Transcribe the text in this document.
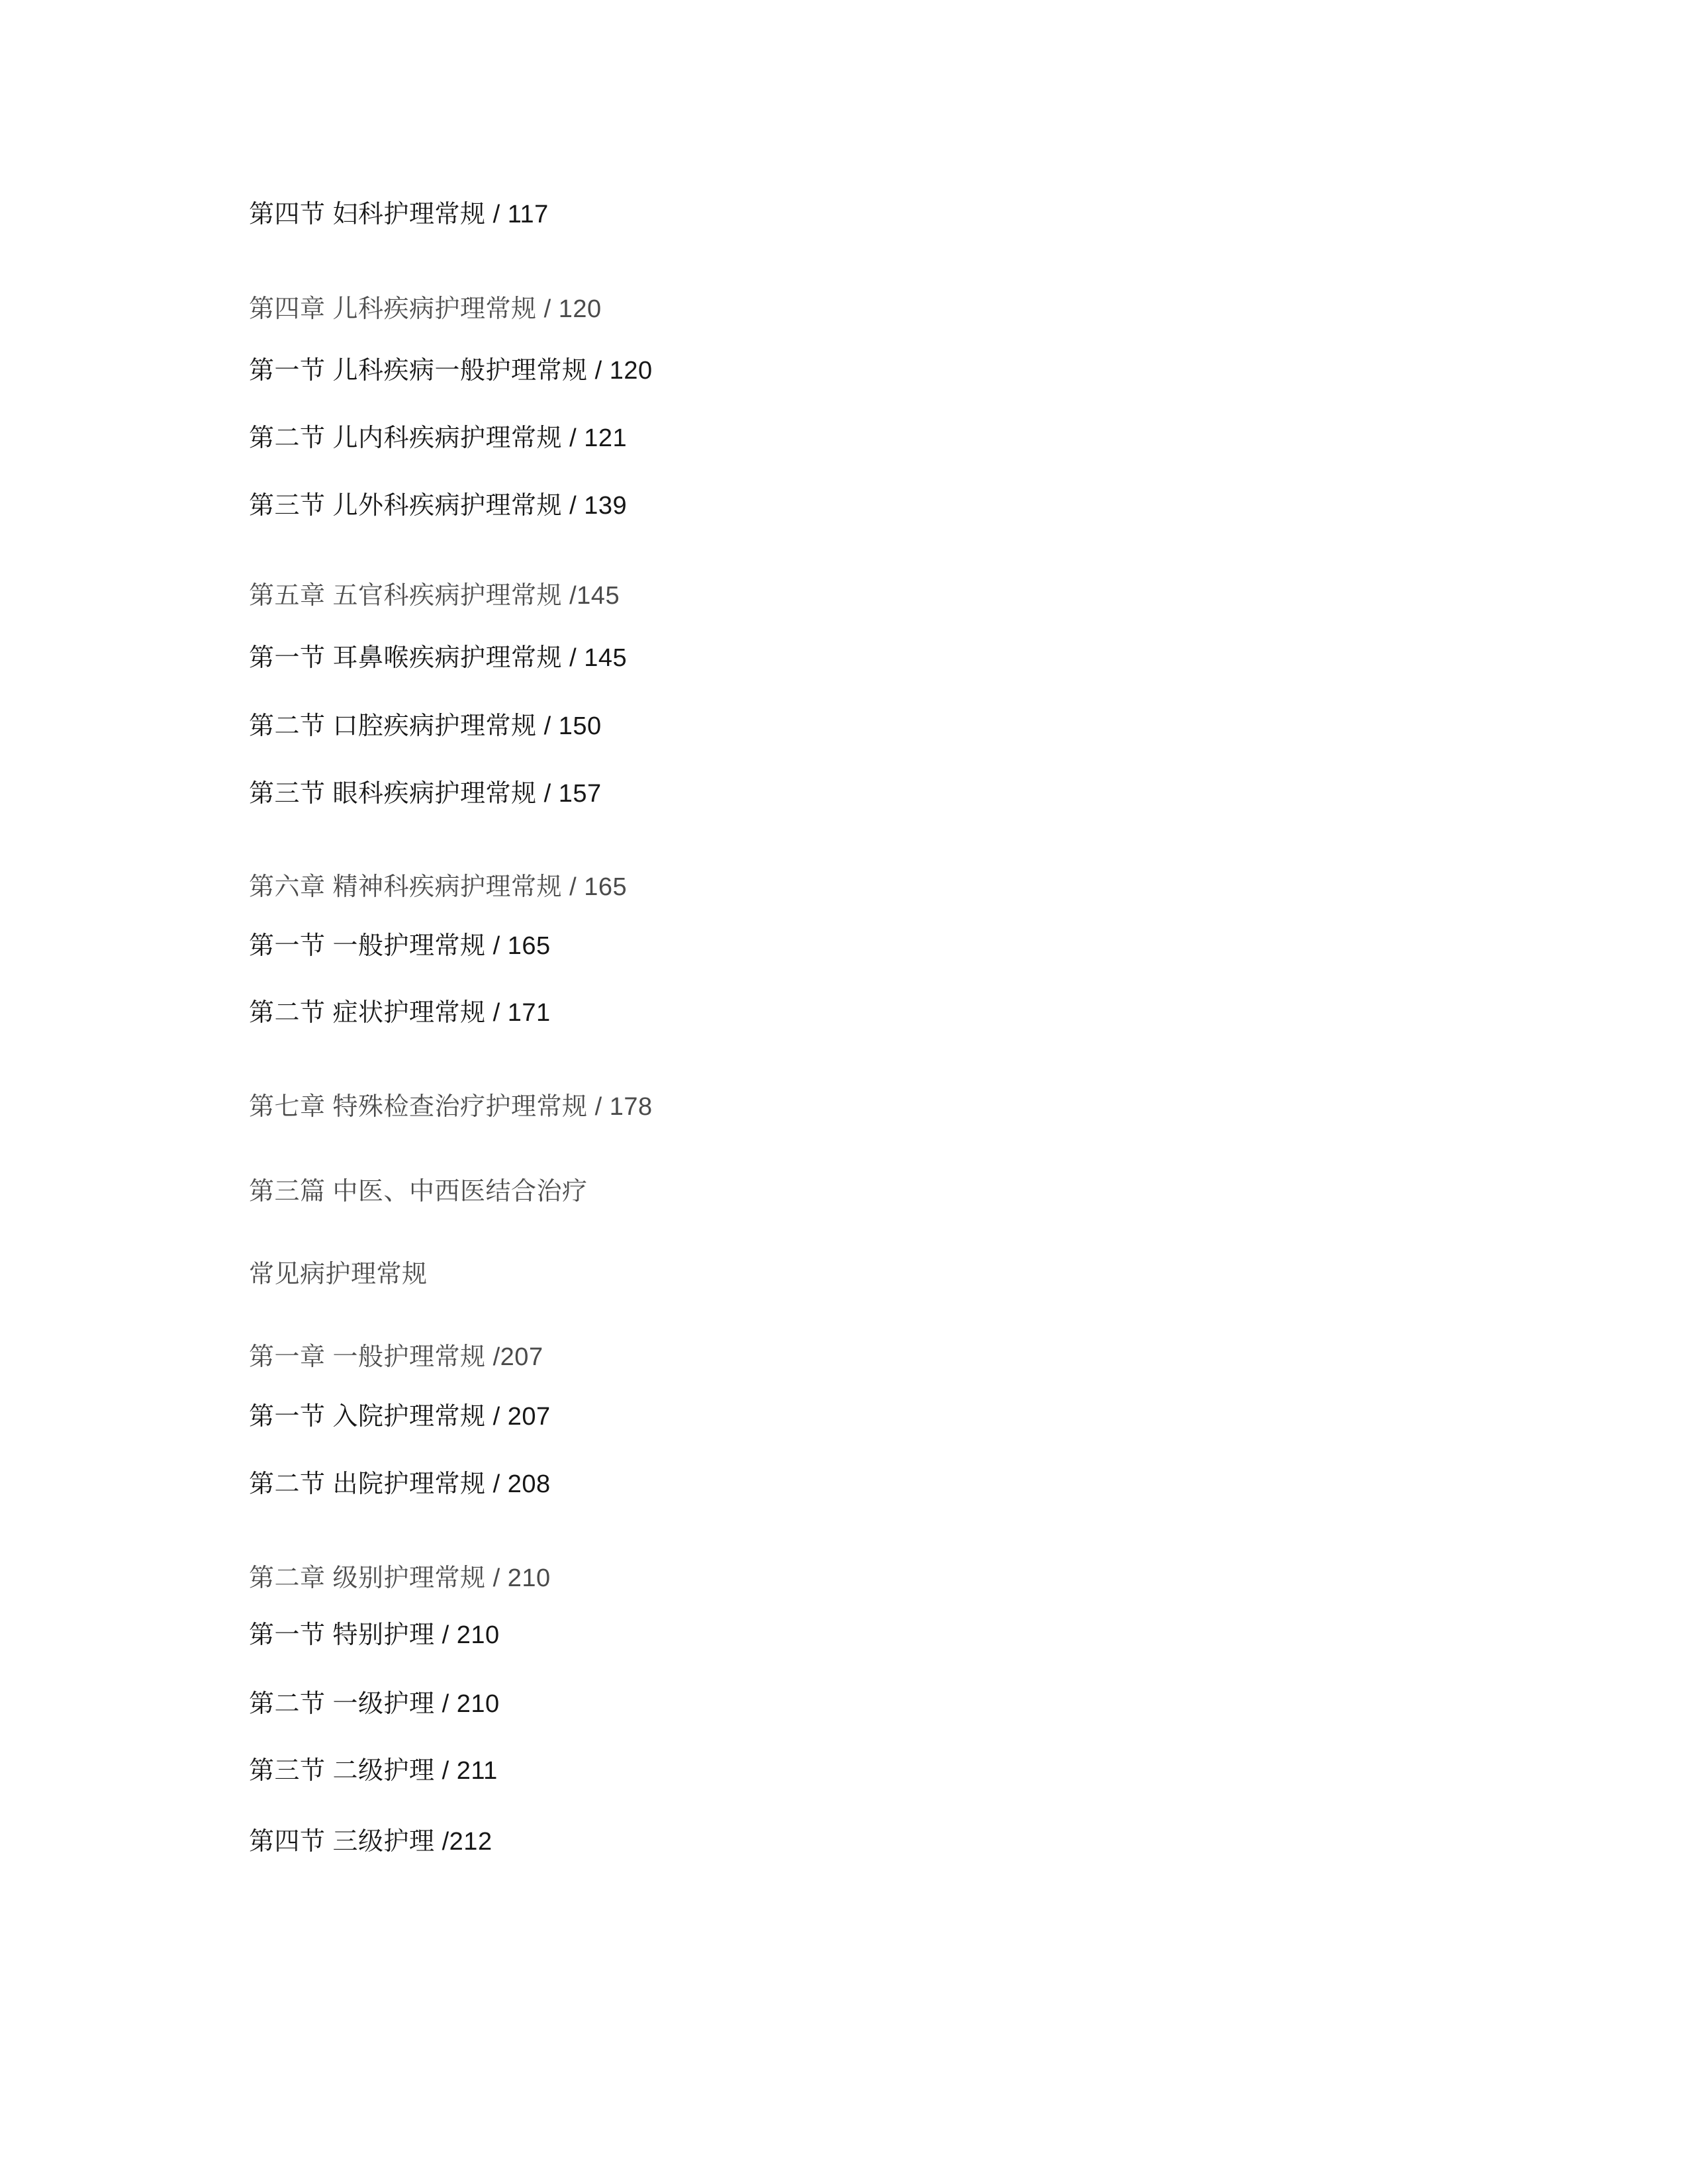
第四节 妇科护理常规 / 117
第四章 儿科疾病护理常规 / 120
第一节 儿科疾病一般护理常规 / 120
第二节 儿内科疾病护理常规 / 121
第三节 儿外科疾病护理常规 / 139
第五章 五官科疾病护理常规 /145
第一节 耳鼻喉疾病护理常规 / 145
第二节 口腔疾病护理常规 / 150
第三节 眼科疾病护理常规 / 157
第六章 精神科疾病护理常规 / 165
第一节 一般护理常规 / 165
第二节 症状护理常规 / 171
第七章 特殊检查治疗护理常规 / 178
第三篇 中医、中西医结合治疗
常见病护理常规
第一章 一般护理常规 /207
第一节 入院护理常规 / 207
第二节 出院护理常规 / 208
第二章 级别护理常规 / 210
第一节 特别护理 / 210
第二节 一级护理 / 210
第三节 二级护理 / 211
第四节 三级护理 /212
